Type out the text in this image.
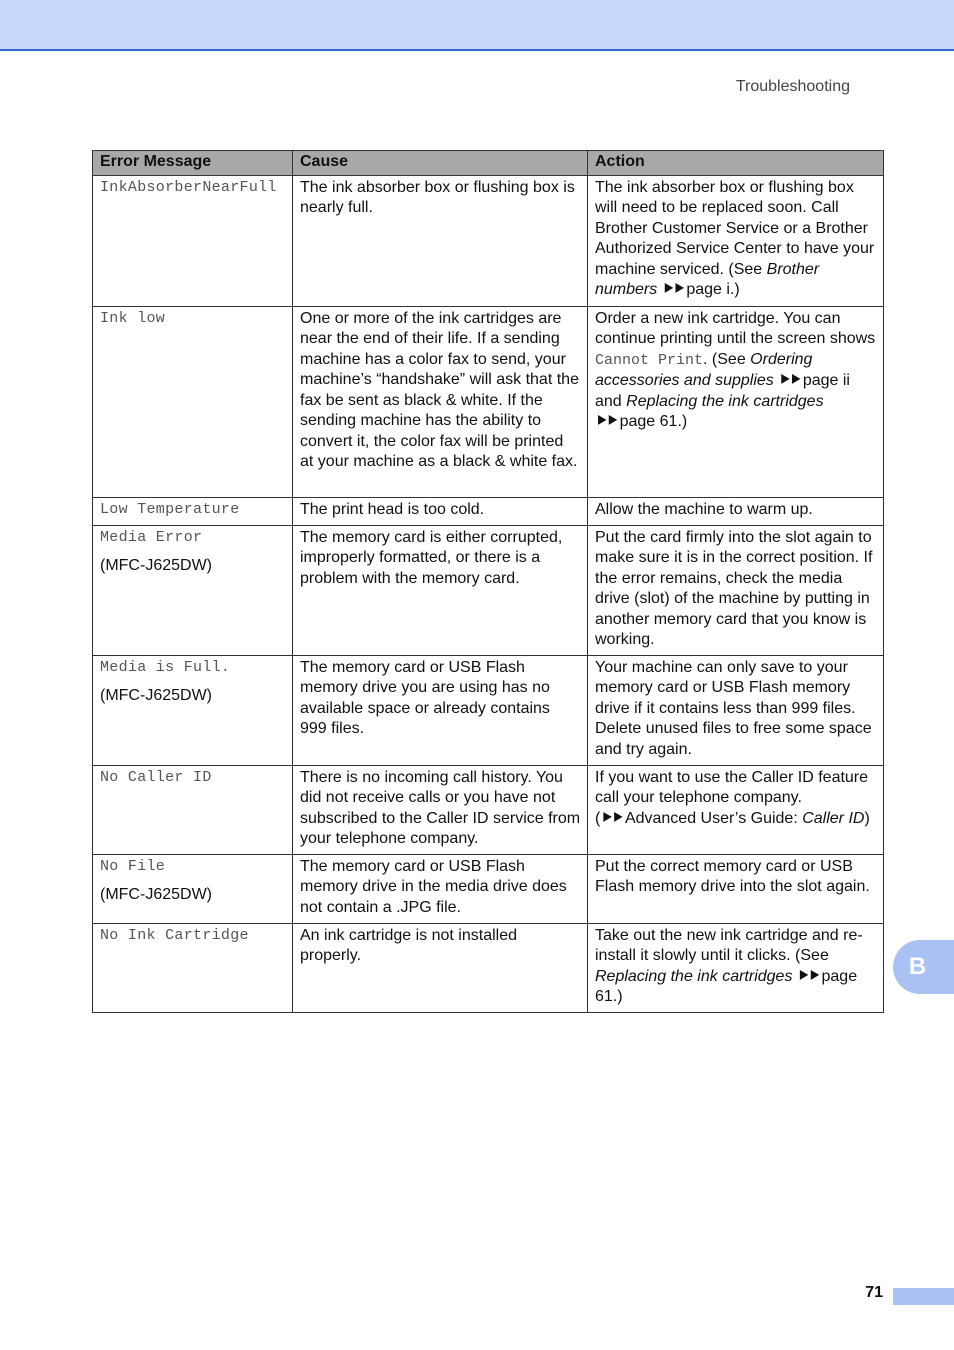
Troubleshooting
Error Message	Cause	Action

InkAbsorberNearFull	The ink absorber box or flushing box is nearly full.	The ink absorber box or flushing box will need to be replaced soon. Call Brother Customer Service or a Brother Authorized Service Center to have your machine serviced. (See Brother numbers ⯈⯈ page i.)

Ink low	One or more of the ink cartridges are near the end of their life. If a sending machine has a color fax to send, your machine’s “handshake” will ask that the fax be sent as black & white. If the sending machine has the ability to convert it, the color fax will be printed at your machine as a black & white fax.	Order a new ink cartridge. You can continue printing until the screen shows Cannot Print. (See Ordering accessories and supplies ⯈⯈ page ii and Replacing the ink cartridges ⯈⯈ page 61.)

Low Temperature	The print head is too cold.	Allow the machine to warm up.

Media Error
(MFC-J625DW)	The memory card is either corrupted, improperly formatted, or there is a problem with the memory card.	Put the card firmly into the slot again to make sure it is in the correct position. If the error remains, check the media drive (slot) of the machine by putting in another memory card that you know is working.

Media is Full.
(MFC-J625DW)	The memory card or USB Flash memory drive you are using has no available space or already contains 999 files.	Your machine can only save to your memory card or USB Flash memory drive if it contains less than 999 files. Delete unused files to free some space and try again.

No Caller ID	There is no incoming call history. You did not receive calls or you have not subscribed to the Caller ID service from your telephone company.	If you want to use the Caller ID feature call your telephone company. (⯈⯈ Advanced User’s Guide: Caller ID)

No File
(MFC-J625DW)	The memory card or USB Flash memory drive in the media drive does not contain a .JPG file.	Put the correct memory card or USB Flash memory drive into the slot again.

No Ink Cartridge	An ink cartridge is not installed properly.	Take out the new ink cartridge and re-install it slowly until it clicks. (See Replacing the ink cartridges ⯈⯈ page 61.)
B
71
